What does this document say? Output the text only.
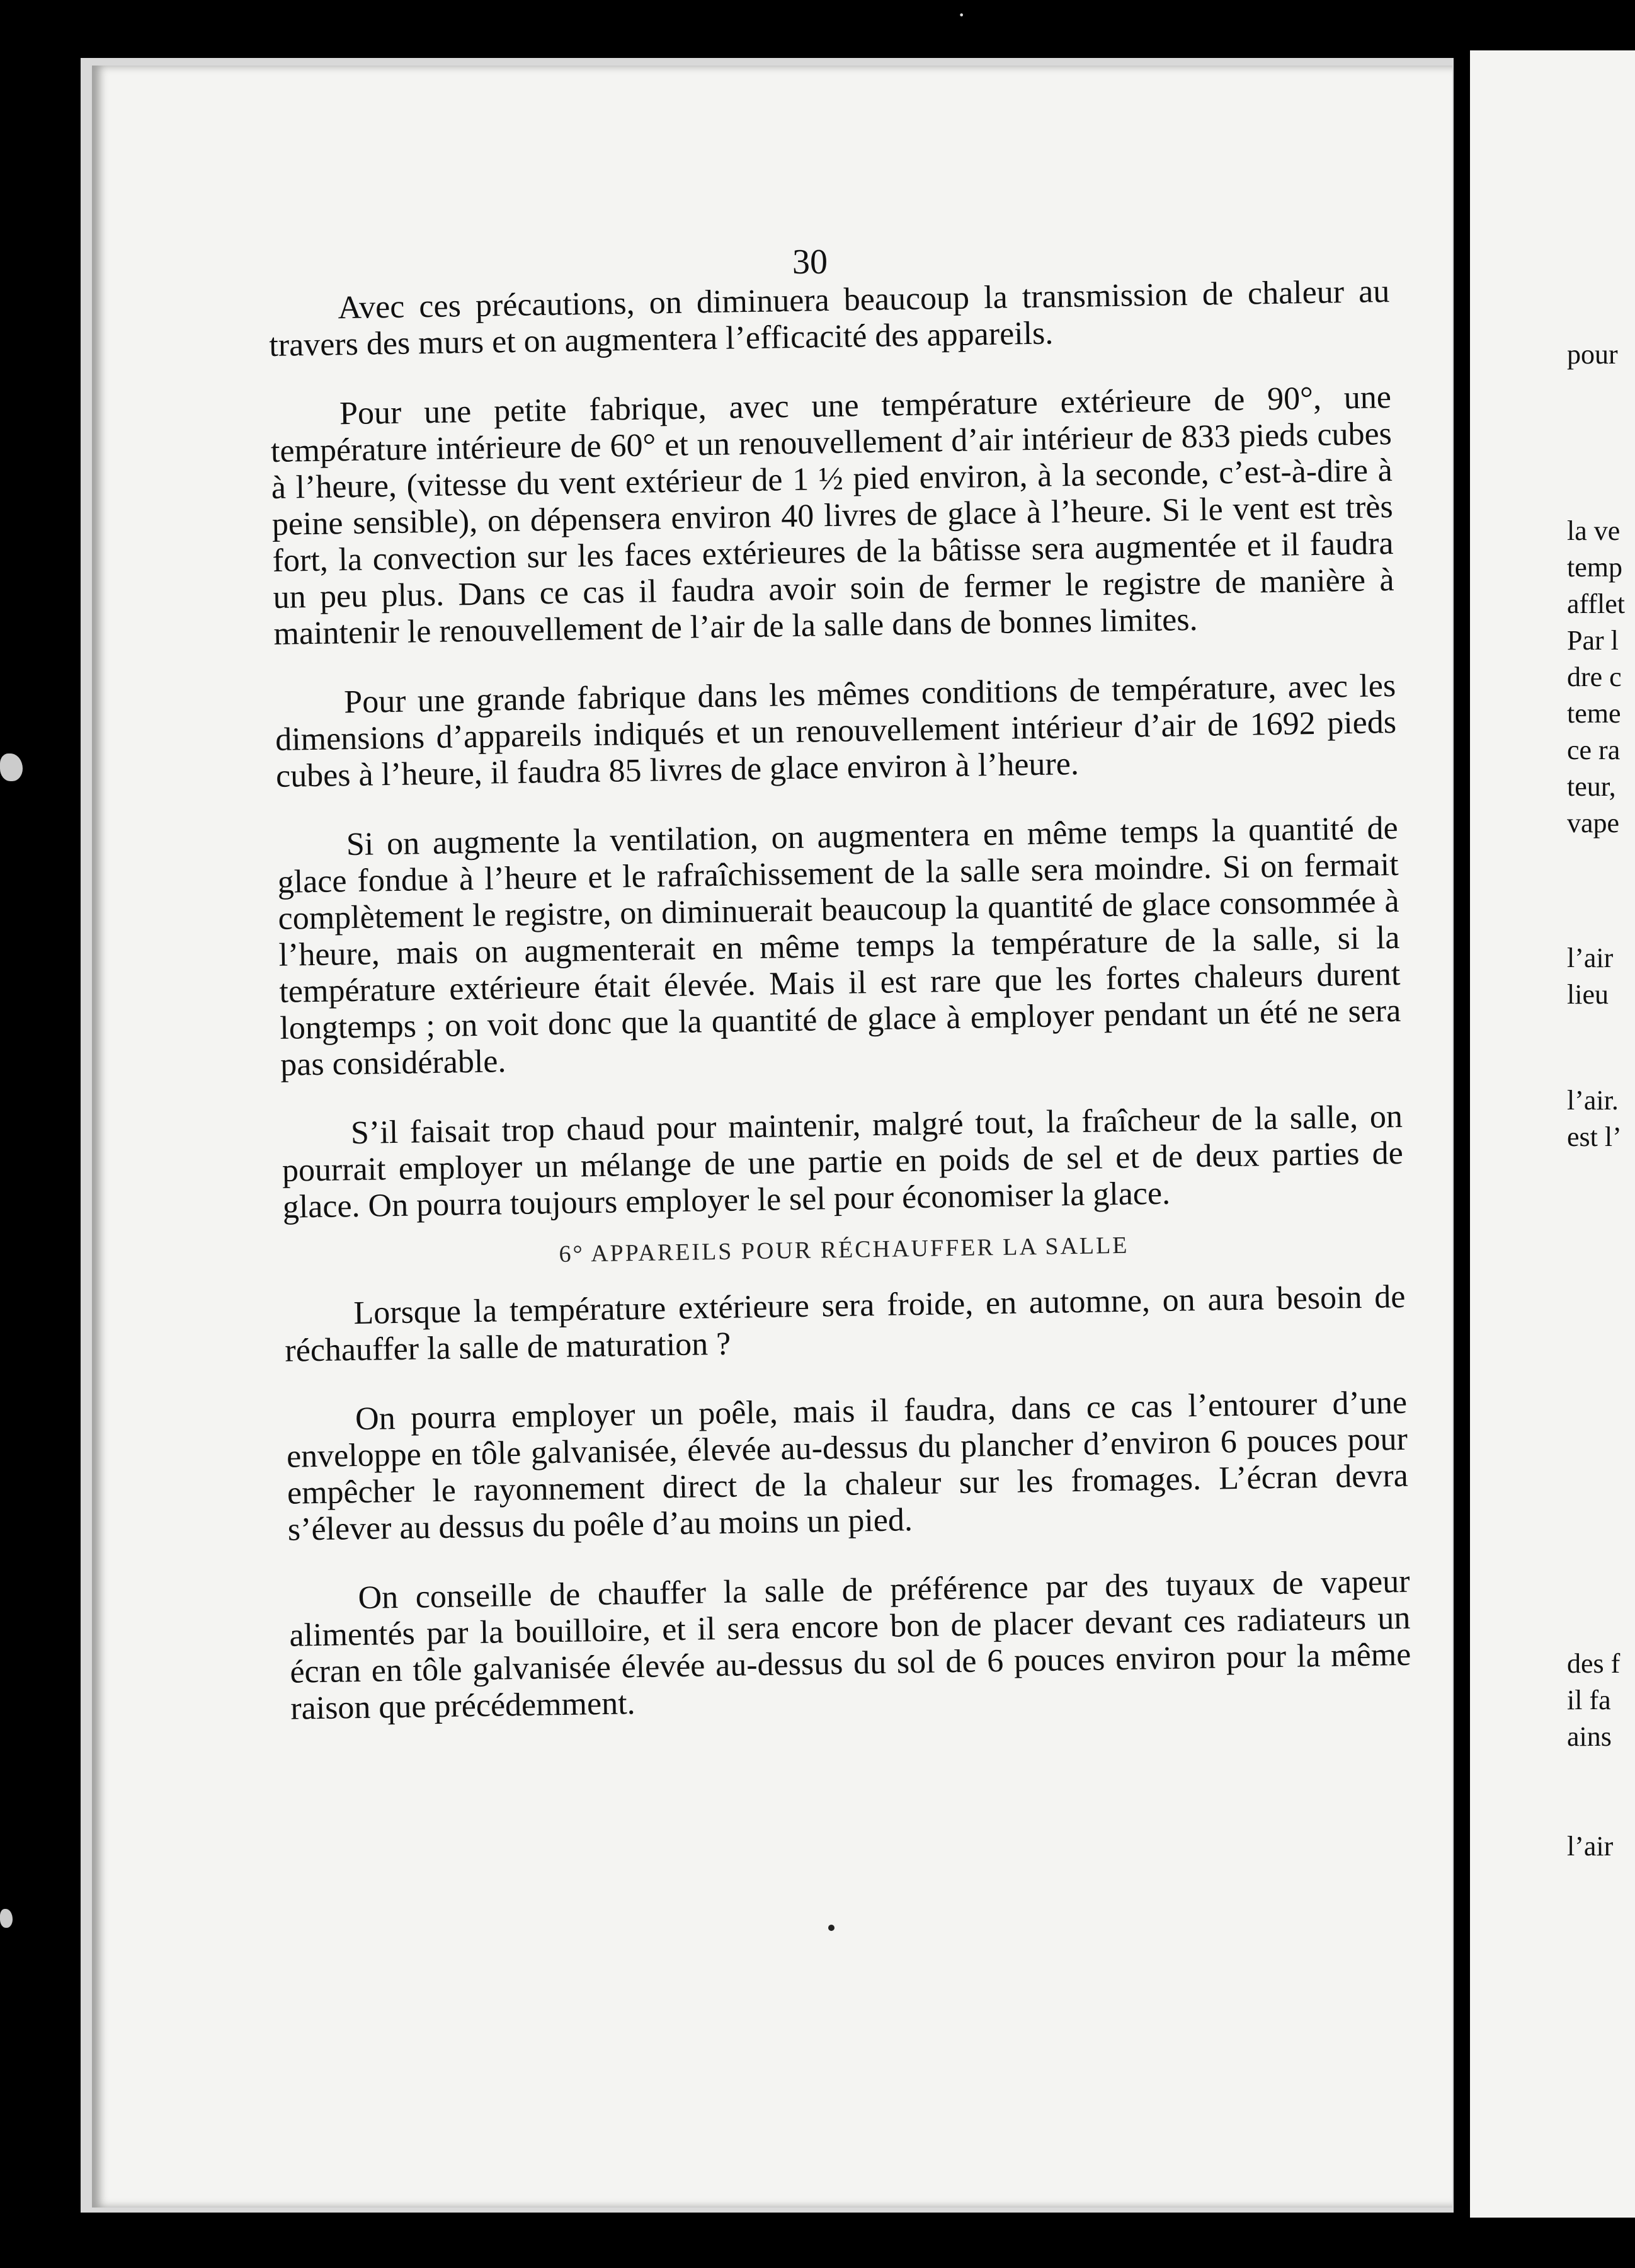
·
30

Avec ces précautions, on diminuera beaucoup la transmission de chaleur au travers des murs et on augmentera l’efficacité des appareils.

Pour une petite fabrique, avec une température extérieure de 90°, une température intérieure de 60° et un renouvellement d’air intérieur de 833 pieds cubes à l’heure, (vitesse du vent extérieur de 1 ½ pied environ, à la seconde, c’est-à-dire à peine sensible), on dépensera environ 40 livres de glace à l’heure. Si le vent est très fort, la convection sur les faces extérieures de la bâtisse sera augmentée et il faudra un peu plus. Dans ce cas il faudra avoir soin de fermer le registre de manière à maintenir le renouvellement de l’air de la salle dans de bonnes limites.

Pour une grande fabrique dans les mêmes conditions de température, avec les dimensions d’appareils indiqués et un renouvellement intérieur d’air de 1692 pieds cubes à l’heure, il faudra 85 livres de glace environ à l’heure.

Si on augmente la ventilation, on augmentera en même temps la quantité de glace fondue à l’heure et le rafraîchissement de la salle sera moindre. Si on fermait complètement le registre, on diminuerait beaucoup la quantité de glace consommée à l’heure, mais on augmenterait en même temps la température de la salle, si la température extérieure était élevée. Mais il est rare que les fortes chaleurs durent longtemps ; on voit donc que la quantité de glace à employer pendant un été ne sera pas considérable.

S’il faisait trop chaud pour maintenir, malgré tout, la fraîcheur de la salle, on pourrait employer un mélange de une partie en poids de sel et de deux parties de glace. On pourra toujours employer le sel pour économiser la glace.

6° APPAREILS POUR RÉCHAUFFER LA SALLE

Lorsque la température extérieure sera froide, en automne, on aura besoin de réchauffer la salle de maturation ?

On pourra employer un poêle, mais il faudra, dans ce cas l’entourer d’une enveloppe en tôle galvanisée, élevée au-dessus du plancher d’environ 6 pouces pour empêcher le rayonnement direct de la chaleur sur les fromages. L’écran devra s’élever au dessus du poêle d’au moins un pied.

On conseille de chauffer la salle de préférence par des tuyaux de vapeur alimentés par la bouilloire, et il sera encore bon de placer devant ces radiateurs un écran en tôle galvanisée élevée au-dessus du sol de 6 pouces environ pour la même raison que précédemment.

pour
la ve
temp
afflet
Par l
dre c
teme
ce ra
teur,
vape
l’air
lieu
l’air.
est l’
des f
il fa
ains
l’air
